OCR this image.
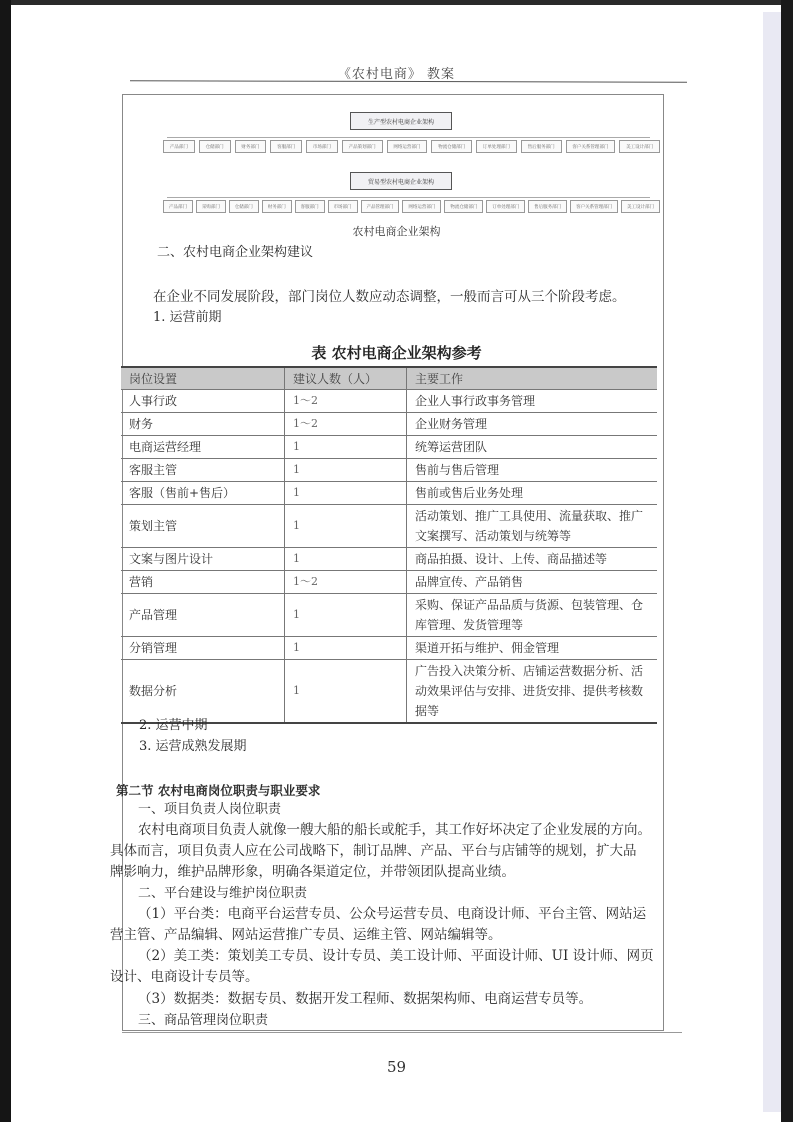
《农村电商》 教案
生产型农村电商企业架构
产品部门	仓储部门	财务部门	客服部门	市场部门	产品策划部门	网络运营部门	物流仓储部门	订单处理部门	售后服务部门	客户关系管理部门	美工设计部门
贸易型农村电商企业架构
产品部门	采购部门	仓储部门	财务部门	客服部门	市场部门	产品管理部门	网络运营部门	物流仓储部门	订单处理部门	售后服务部门	客户关系管理部门	美工设计部门
农村电商企业架构
二、农村电商企业架构建议
在企业不同发展阶段，部门岗位人数应动态调整，一般而言可从三个阶段考虑。
1. 运营前期
表 农村电商企业架构参考
岗位设置	建议人数（人）	主要工作
人事行政	1～2	企业人事行政事务管理
财务	1～2	企业财务管理
电商运营经理	1	统筹运营团队
客服主管	1	售前与售后管理
客服（售前+售后）	1	售前或售后业务处理
策划主管	1	活动策划、推广工具使用、流量获取、推广文案撰写、活动策划与统筹等
文案与图片设计	1	商品拍摄、设计、上传、商品描述等
营销	1～2	品牌宣传、产品销售
产品管理	1	采购、保证产品品质与货源、包装管理、仓库管理、发货管理等
分销管理	1	渠道开拓与维护、佣金管理
数据分析	1	广告投入决策分析、店铺运营数据分析、活动效果评估与安排、进货安排、提供考核数据等
2. 运营中期
3. 运营成熟发展期
第二节 农村电商岗位职责与职业要求
一、项目负责人岗位职责
农村电商项目负责人就像一艘大船的船长或舵手，其工作好坏决定了企业发展的方向。
具体而言，项目负责人应在公司战略下，制订品牌、产品、平台与店铺等的规划，扩大品
牌影响力，维护品牌形象，明确各渠道定位，并带领团队提高业绩。
二、平台建设与维护岗位职责
（1）平台类：电商平台运营专员、公众号运营专员、电商设计师、平台主管、网站运
营主管、产品编辑、网站运营推广专员、运维主管、网站编辑等。
（2）美工类：策划美工专员、设计专员、美工设计师、平面设计师、UI 设计师、网页
设计、电商设计专员等。
（3）数据类：数据专员、数据开发工程师、数据架构师、电商运营专员等。
三、商品管理岗位职责
59
